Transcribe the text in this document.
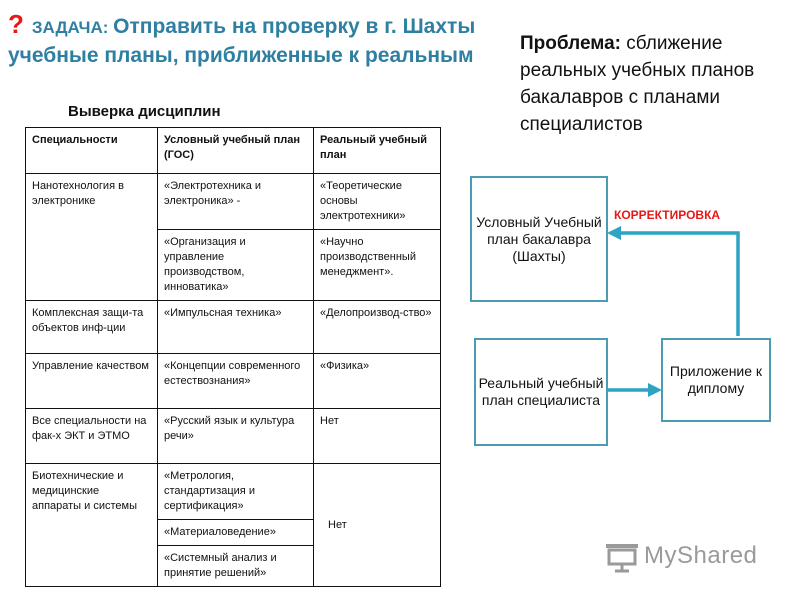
? ЗАДАЧА: Отправить на проверку в г. Шахты учебные планы, приближенные к реальным
Выверка дисциплин
Проблема: сближение реальных учебных планов бакалавров с планами специалистов
Специальности	Условный учебный план (ГОС)	Реальный учебный план
Нанотехнология в электронике	«Электротехника и электроника» -	«Теоретические основы электротехники»
	«Организация и управление производством, инноватика»	«Научно производственный менеджмент».
Комплексная защи-та объектов инф-ции	«Импульсная техника»	«Делопроизвод-ство»
Управление качеством	«Концепции современного естествознания»	«Физика»
Все специальности на фак-х ЭКТ и ЭТМО	«Русский язык и культура речи»	Нет
Биотехнические и медицинские аппараты и системы	«Метрология, стандартизация и сертификация»	Нет
	«Материаловедение»	
	«Системный анализ и принятие решений»	
Условный Учебный план бакалавра (Шахты)
Реальный учебный план специалиста
Приложение к диплому
КОРРЕКТИРОВКА
MyShared
